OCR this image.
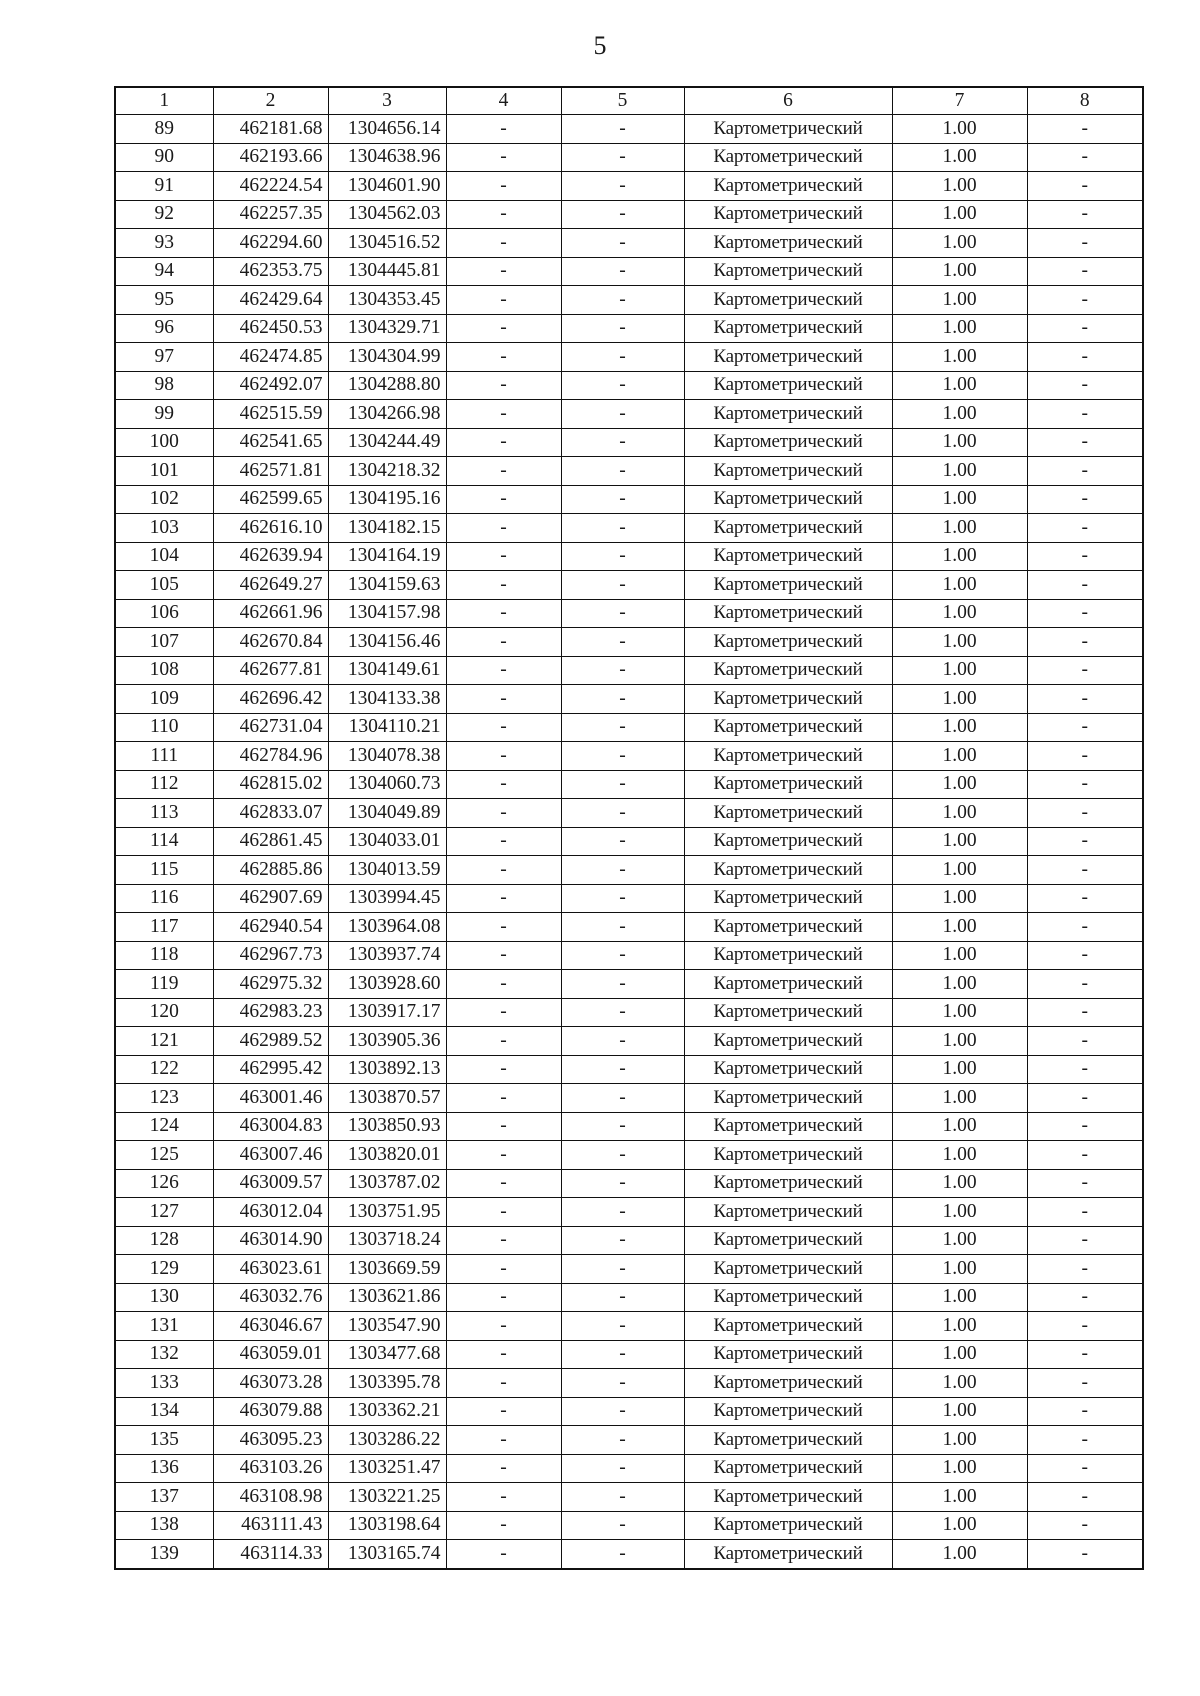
5
1	2	3	4	5	6	7	8
89	462181.68	1304656.14	-	-	Картометрический	1.00	-
90	462193.66	1304638.96	-	-	Картометрический	1.00	-
91	462224.54	1304601.90	-	-	Картометрический	1.00	-
92	462257.35	1304562.03	-	-	Картометрический	1.00	-
93	462294.60	1304516.52	-	-	Картометрический	1.00	-
94	462353.75	1304445.81	-	-	Картометрический	1.00	-
95	462429.64	1304353.45	-	-	Картометрический	1.00	-
96	462450.53	1304329.71	-	-	Картометрический	1.00	-
97	462474.85	1304304.99	-	-	Картометрический	1.00	-
98	462492.07	1304288.80	-	-	Картометрический	1.00	-
99	462515.59	1304266.98	-	-	Картометрический	1.00	-
100	462541.65	1304244.49	-	-	Картометрический	1.00	-
101	462571.81	1304218.32	-	-	Картометрический	1.00	-
102	462599.65	1304195.16	-	-	Картометрический	1.00	-
103	462616.10	1304182.15	-	-	Картометрический	1.00	-
104	462639.94	1304164.19	-	-	Картометрический	1.00	-
105	462649.27	1304159.63	-	-	Картометрический	1.00	-
106	462661.96	1304157.98	-	-	Картометрический	1.00	-
107	462670.84	1304156.46	-	-	Картометрический	1.00	-
108	462677.81	1304149.61	-	-	Картометрический	1.00	-
109	462696.42	1304133.38	-	-	Картометрический	1.00	-
110	462731.04	1304110.21	-	-	Картометрический	1.00	-
111	462784.96	1304078.38	-	-	Картометрический	1.00	-
112	462815.02	1304060.73	-	-	Картометрический	1.00	-
113	462833.07	1304049.89	-	-	Картометрический	1.00	-
114	462861.45	1304033.01	-	-	Картометрический	1.00	-
115	462885.86	1304013.59	-	-	Картометрический	1.00	-
116	462907.69	1303994.45	-	-	Картометрический	1.00	-
117	462940.54	1303964.08	-	-	Картометрический	1.00	-
118	462967.73	1303937.74	-	-	Картометрический	1.00	-
119	462975.32	1303928.60	-	-	Картометрический	1.00	-
120	462983.23	1303917.17	-	-	Картометрический	1.00	-
121	462989.52	1303905.36	-	-	Картометрический	1.00	-
122	462995.42	1303892.13	-	-	Картометрический	1.00	-
123	463001.46	1303870.57	-	-	Картометрический	1.00	-
124	463004.83	1303850.93	-	-	Картометрический	1.00	-
125	463007.46	1303820.01	-	-	Картометрический	1.00	-
126	463009.57	1303787.02	-	-	Картометрический	1.00	-
127	463012.04	1303751.95	-	-	Картометрический	1.00	-
128	463014.90	1303718.24	-	-	Картометрический	1.00	-
129	463023.61	1303669.59	-	-	Картометрический	1.00	-
130	463032.76	1303621.86	-	-	Картометрический	1.00	-
131	463046.67	1303547.90	-	-	Картометрический	1.00	-
132	463059.01	1303477.68	-	-	Картометрический	1.00	-
133	463073.28	1303395.78	-	-	Картометрический	1.00	-
134	463079.88	1303362.21	-	-	Картометрический	1.00	-
135	463095.23	1303286.22	-	-	Картометрический	1.00	-
136	463103.26	1303251.47	-	-	Картометрический	1.00	-
137	463108.98	1303221.25	-	-	Картометрический	1.00	-
138	463111.43	1303198.64	-	-	Картометрический	1.00	-
139	463114.33	1303165.74	-	-	Картометрический	1.00	-
